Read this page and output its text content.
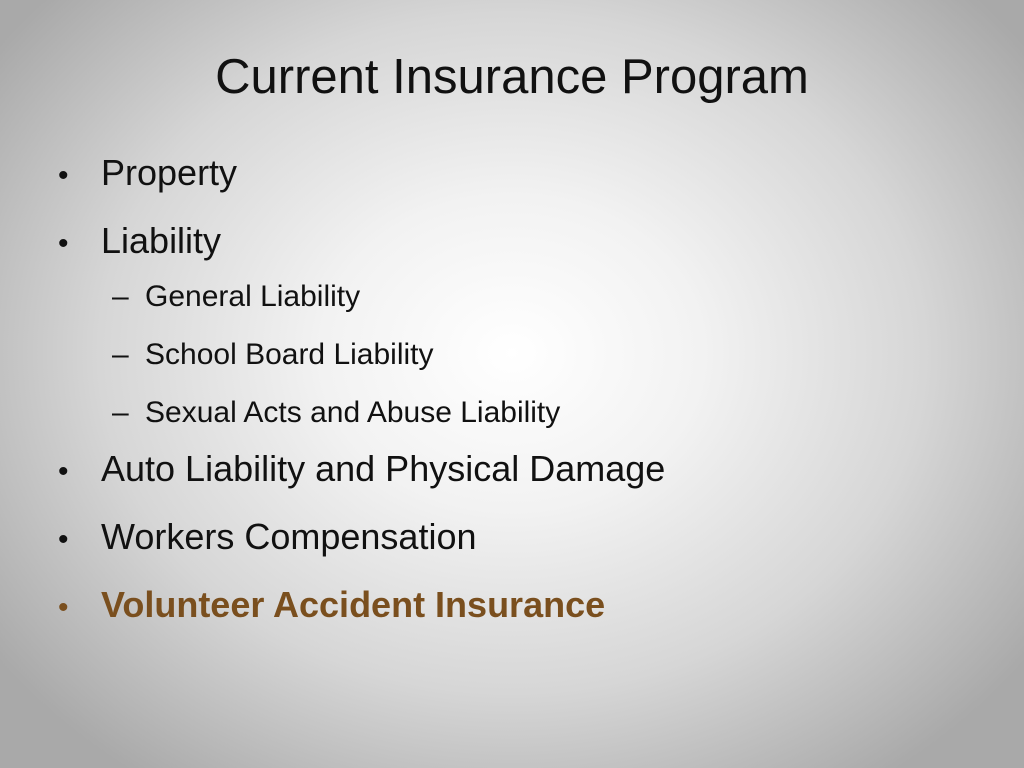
Current Insurance Program
• Property
• Liability
– General Liability
– School Board Liability
– Sexual Acts and Abuse Liability
• Auto Liability and Physical Damage
• Workers Compensation
• Volunteer Accident Insurance
